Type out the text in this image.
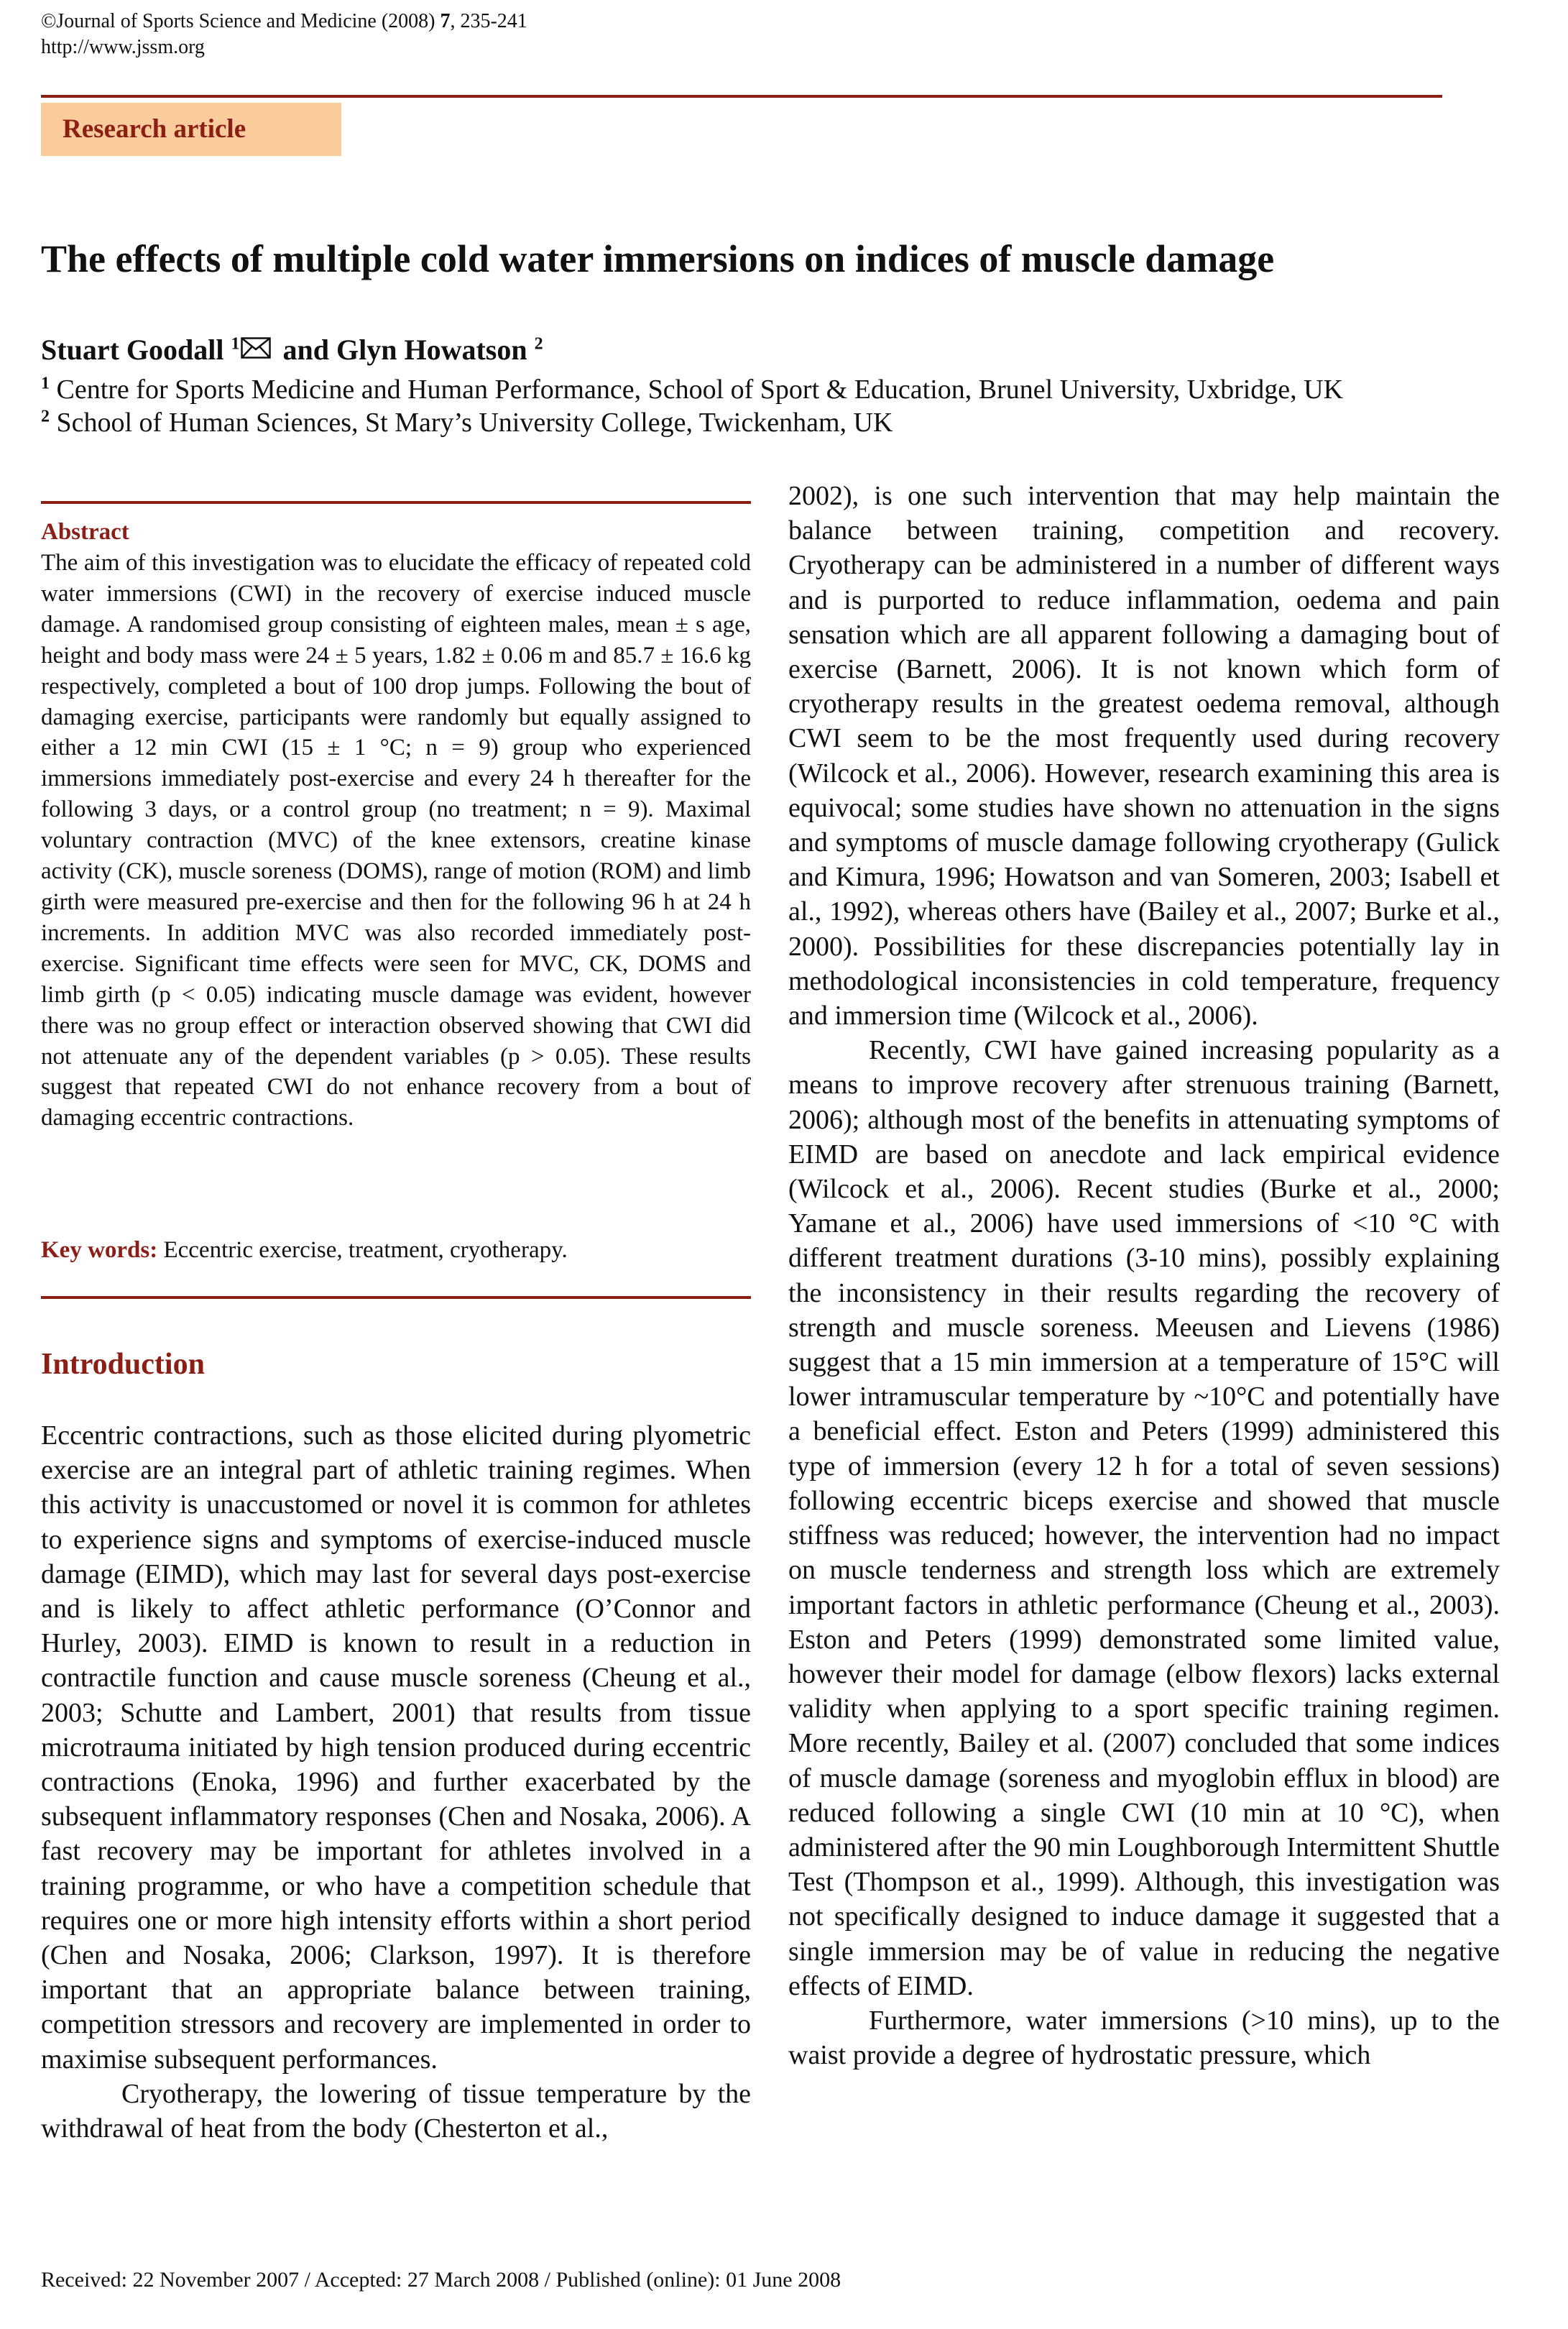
©Journal of Sports Science and Medicine (2008) 7, 235-241
http://www.jssm.org
Research article
The effects of multiple cold water immersions on indices of muscle damage
Stuart Goodall $^1$ and Glyn Howatson $^2$
$^1$ Centre for Sports Medicine and Human Performance, School of Sport & Education, Brunel University, Uxbridge, UK
$^2$ School of Human Sciences, St Mary’s University College, Twickenham, UK
Abstract

The aim of this investigation was to elucidate the efficacy of repeated cold water immersions (CWI) in the recovery of exercise induced muscle damage. A randomised group consisting of eighteen males, mean ± s age, height and body mass were 24 ± 5 years, 1.82 ± 0.06 m and 85.7 ± 16.6 kg respectively, completed a bout of 100 drop jumps. Following the bout of damaging exercise, participants were randomly but equally assigned to either a 12 min CWI (15 ± 1 °C; n = 9) group who experienced immersions immediately post-exercise and every 24 h thereafter for the following 3 days, or a control group (no treatment; n = 9). Maximal voluntary contraction (MVC) of the knee extensors, creatine kinase activity (CK), muscle soreness (DOMS), range of motion (ROM) and limb girth were measured pre-exercise and then for the following 96 h at 24 h increments. In addition MVC was also recorded immediately post-exercise. Significant time effects were seen for MVC, CK, DOMS and limb girth (p < 0.05) indicating muscle damage was evident, however there was no group effect or interaction observed showing that CWI did not attenuate any of the dependent variables (p > 0.05). These results suggest that repeated CWI do not enhance recovery from a bout of damaging eccentric contractions.

Key words: Eccentric exercise, treatment, cryotherapy.
Introduction

Eccentric contractions, such as those elicited during plyometric exercise are an integral part of athletic training regimes. When this activity is unaccustomed or novel it is common for athletes to experience signs and symptoms of exercise-induced muscle damage (EIMD), which may last for several days post-exercise and is likely to affect athletic performance (O’Connor and Hurley, 2003). EIMD is known to result in a reduction in contractile function and cause muscle soreness (Cheung et al., 2003; Schutte and Lambert, 2001) that results from tissue microtrauma initiated by high tension produced during eccentric contractions (Enoka, 1996) and further exacerbated by the subsequent inflammatory responses (Chen and Nosaka, 2006). A fast recovery may be important for athletes involved in a training programme, or who have a competition schedule that requires one or more high intensity efforts within a short period (Chen and Nosaka, 2006; Clarkson, 1997). It is therefore important that an appropriate balance between training, competition stressors and recovery are implemented in order to maximise subsequent performances.

Cryotherapy, the lowering of tissue temperature by the withdrawal of heat from the body (Chesterton et al.,

2002), is one such intervention that may help maintain the balance between training, competition and recovery. Cryotherapy can be administered in a number of different ways and is purported to reduce inflammation, oedema and pain sensation which are all apparent following a damaging bout of exercise (Barnett, 2006). It is not known which form of cryotherapy results in the greatest oedema removal, although CWI seem to be the most frequently used during recovery (Wilcock et al., 2006). However, research examining this area is equivocal; some studies have shown no attenuation in the signs and symptoms of muscle damage following cryotherapy (Gulick and Kimura, 1996; Howatson and van Someren, 2003; Isabell et al., 1992), whereas others have (Bailey et al., 2007; Burke et al., 2000). Possibilities for these discrepancies potentially lay in methodological inconsistencies in cold temperature, frequency and immersion time (Wilcock et al., 2006).

Recently, CWI have gained increasing popularity as a means to improve recovery after strenuous training (Barnett, 2006); although most of the benefits in attenuating symptoms of EIMD are based on anecdote and lack empirical evidence (Wilcock et al., 2006). Recent studies (Burke et al., 2000; Yamane et al., 2006) have used immersions of <10 °C with different treatment durations (3-10 mins), possibly explaining the inconsistency in their results regarding the recovery of strength and muscle soreness. Meeusen and Lievens (1986) suggest that a 15 min immersion at a temperature of 15°C will lower intramuscular temperature by ~10°C and potentially have a beneficial effect. Eston and Peters (1999) administered this type of immersion (every 12 h for a total of seven sessions) following eccentric biceps exercise and showed that muscle stiffness was reduced; however, the intervention had no impact on muscle tenderness and strength loss which are extremely important factors in athletic performance (Cheung et al., 2003). Eston and Peters (1999) demonstrated some limited value, however their model for damage (elbow flexors) lacks external validity when applying to a sport specific training regimen. More recently, Bailey et al. (2007) concluded that some indices of muscle damage (soreness and myoglobin efflux in blood) are reduced following a single CWI (10 min at 10 °C), when administered after the 90 min Loughborough Intermittent Shuttle Test (Thompson et al., 1999). Although, this investigation was not specifically designed to induce damage it suggested that a single immersion may be of value in reducing the negative effects of EIMD.

Furthermore, water immersions (>10 mins), up to the waist provide a degree of hydrostatic pressure, which

Received: 22 November 2007 / Accepted: 27 March 2008 / Published (online): 01 June 2008
